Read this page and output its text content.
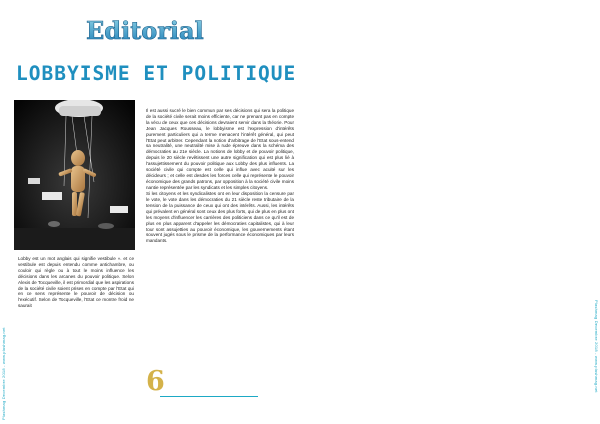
Plashmag Decembre 2018 - www.plashmag.net
Editorial
LOBBYISME ET POLITIQUE

Il est aussi sucré le bien commun par ses décisions qui sera la politique de la société civile serait moins efficiente, car ne prenant pas en compte la vécu de ceux que ces décisions devraient servir dans la théorie. Pour Jean Jacques Rousseau, le lobbyisme est l'expression d'intérêts purement particuliers qui a terme menacent l'intérêt général, qui peut l'Etat peut arbitrer. Cependant la notion d'arbitrage de l'Etat sous-entend sa neutralité, une neutralité mise à rude épreuve dans la schéma des démocraties au 21e siècle. La notions de lobby et de pouvoir politique, depuis le 20 siècle revêtissent une autre signification qui est plus lié à l'assujettissement du pouvoir politique aux Lobby des plus influents. La société civile qui compte est celle qui influe avec acuité sur les décideurs ; et celle est desdes les forces celle qui représente le pouvoir économique des grands patrons, par opposition à la société civile moins nantie représentée par les syndicats et les simples citoyens.

Si les citoyens et les syndicalistes ont en leur disposition la censure par le vote, le vote dans les démocraties du 21 siècle reste tributaire de la tension de la puissance de ceux qui ont des intérêts. Aussi, les intérêts qui prévalent en général sont ceux des plus forts, qui de plus en plus ont les moyens d'influencer les carrières des politiciens dans ce qu'il est de plus en plus apparent d'appeler les démocraties capitalistes, qui à leur tour sont assujetties au pouvoir économique, les gouvernements étant souvent jugés sous le prisme de la performance économiques par leurs mandants.

Lobby est un mot anglais qui signifie vestibule ». et ce vestibule est depuis entendu comme antichambre, ou couloir qui règle ou à tout le moins influence les décisions dans les arcanes du pouvoir politique. Selon Alexis de Tocqueville, il est primordial que les aspirations de la société civile soient prises en compte par l'Etat qui en ce sens représente le pouvoir de décision ou l'exécutif. Selon de Tocqueville, l'Etat ce montre froid ne saurait

6	Plashmag Decembre 2018 - www.plashmag.net
